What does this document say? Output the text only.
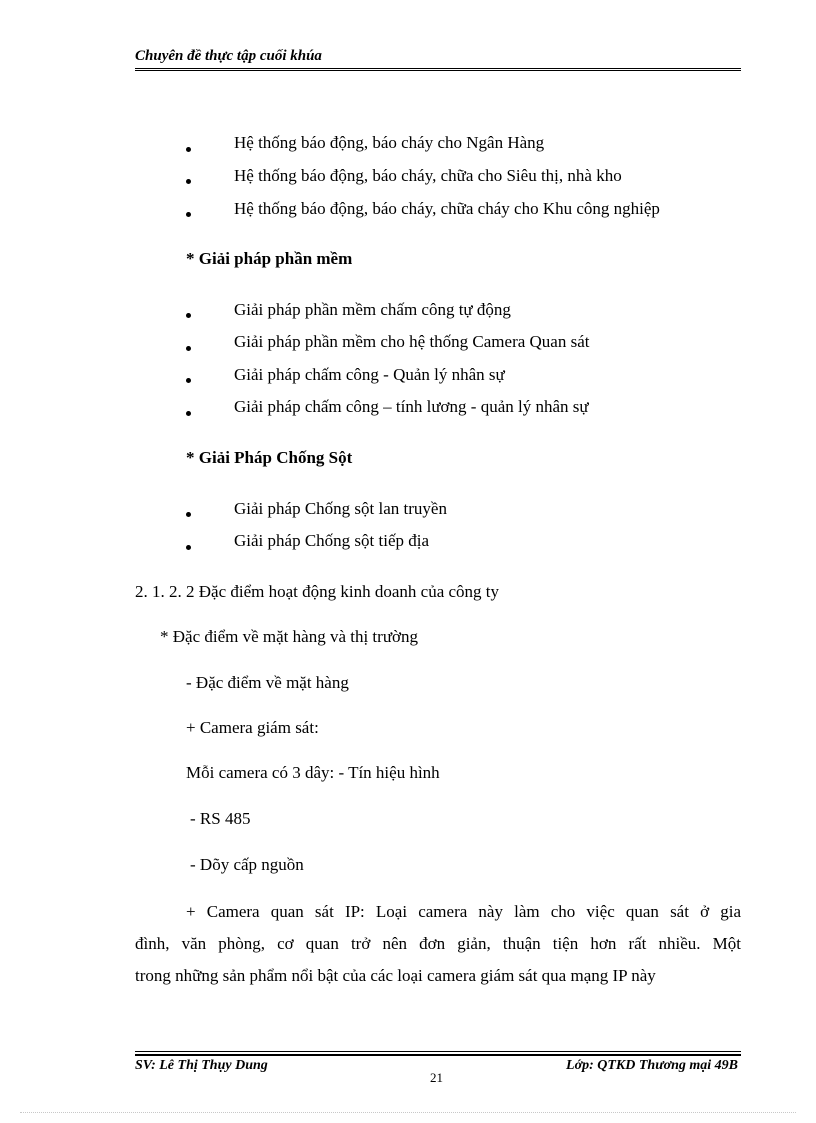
Chuyên đề thực tập cuối khúa
Hệ thống báo động, báo cháy cho Ngân Hàng
Hệ thống báo động, báo cháy, chữa cho Siêu thị, nhà kho
Hệ thống báo động, báo cháy, chữa cháy cho Khu công nghiệp
* Giải pháp phần mềm
Giải pháp phần mềm chấm công tự động
Giải pháp phần mềm cho hệ thống Camera Quan sát
Giải pháp chấm công - Quản lý nhân sự
Giải pháp chấm công – tính lương - quản lý nhân sự
* Giải Pháp Chống Sột
Giải pháp Chống sột lan truyền
Giải pháp Chống sột tiếp địa
2. 1. 2. 2 Đặc điểm hoạt động kinh doanh của công ty
* Đặc điểm về mặt hàng và thị trường
- Đặc điểm về mặt hàng
+ Camera giám sát:
Mỗi camera có 3 dây: - Tín hiệu hình
- RS 485
- Dõy cấp nguồn
+ Camera quan sát IP: Loại camera này làm cho việc quan sát ở gia
đình, văn phòng, cơ quan trở nên đơn giản, thuận tiện hơn rất nhiều. Một
trong những sản phẩm nổi bật của các loại camera giám sát qua mạng IP này
SV: Lê Thị Thụy Dung
21
Lớp: QTKD Thương mại 49B
